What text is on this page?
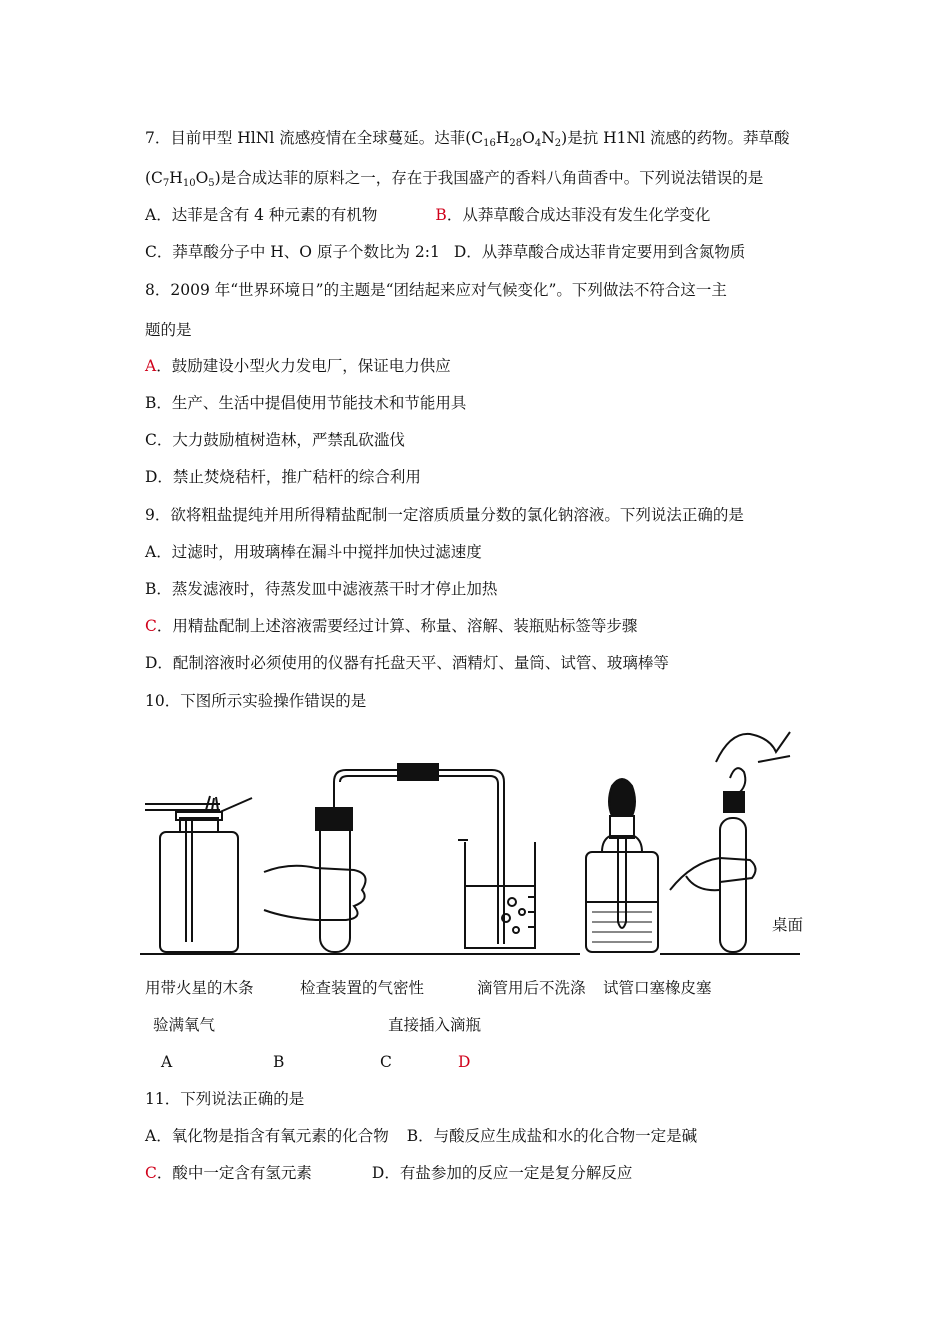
7．目前甲型 HlNl 流感疫情在全球蔓延。达菲$(C_{16}H_{28}O_4N_2)$是抗 H1Nl 流感的药物。莽草酸
$(C_7H_{10}O_5)$是合成达菲的原料之一，存在于我国盛产的香料八角茴香中。下列说法错误的是
A．达菲是含有 4 种元素的有机物	B．从莽草酸合成达菲没有发生化学变化
C．莽草酸分子中 H、O 原子个数比为 2:1 D．从莽草酸合成达菲肯定要用到含氮物质
8．2009 年“世界环境日”的主题是“团结起来应对气候变化”。下列做法不符合这一主
题的是
A．鼓励建设小型火力发电厂，保证电力供应
B．生产、生活中提倡使用节能技术和节能用具
C．大力鼓励植树造林，严禁乱砍滥伐
D．禁止焚烧秸杆，推广秸杆的综合利用
9．欲将粗盐提纯并用所得精盐配制一定溶质质量分数的氯化钠溶液。下列说法正确的是
A．过滤时，用玻璃棒在漏斗中搅拌加快过滤速度
B．蒸发滤液时，待蒸发皿中滤液蒸干时才停止加热
C．用精盐配制上述溶液需要经过计算、称量、溶解、装瓶贴标签等步骤
D．配制溶液时必须使用的仪器有托盘天平、酒精灯、量筒、试管、玻璃棒等
10．下图所示实验操作错误的是
桌面
用带火星的木条	检查装置的气密性	滴管用后不洗涤 试管口塞橡皮塞
验满氧气	直接插入滴瓶
A	B	C	D
11．下列说法正确的是
A．氧化物是指含有氧元素的化合物 B．与酸反应生成盐和水的化合物一定是碱
C．酸中一定含有氢元素	D．有盐参加的反应一定是复分解反应
